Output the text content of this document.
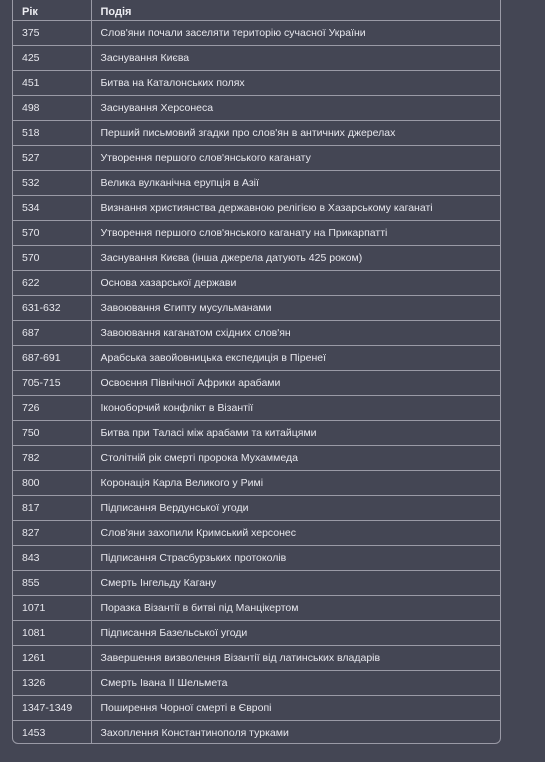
Рік	Подія
375	Слов'яни почали заселяти територію сучасної України
425	Заснування Києва
451	Битва на Каталонських полях
498	Заснування Херсонеса
518	Перший письмовий згадки про слов'ян в античних джерелах
527	Утворення першого слов'янського каганату
532	Велика вулканічна ерупція в Азії
534	Визнання християнства державною релігією в Хазарському каганаті
570	Утворення першого слов'янського каганату на Прикарпатті
570	Заснування Києва (інша джерела датують 425 роком)
622	Основа хазарської держави
631-632	Завоювання Єгипту мусульманами
687	Завоювання каганатом східних слов'ян
687-691	Арабська завойовницька експедиція в Піренеї
705-715	Освоєння Північної Африки арабами
726	Іконоборчий конфлікт в Візантії
750	Битва при Таласі між арабами та китайцями
782	Столітній рік смерті пророка Мухаммеда
800	Коронація Карла Великого у Римі
817	Підписання Вердунської угоди
827	Слов'яни захопили Кримський херсонес
843	Підписання Страсбурзьких протоколів
855	Смерть Інгельду Кагану
1071	Поразка Візантії в битві під Манцікертом
1081	Підписання Базельської угоди
1261	Завершення визволення Візантії від латинських владарів
1326	Смерть Івана II Шельмета
1347-1349	Поширення Чорної смерті в Європі
1453	Захоплення Константинополя турками
